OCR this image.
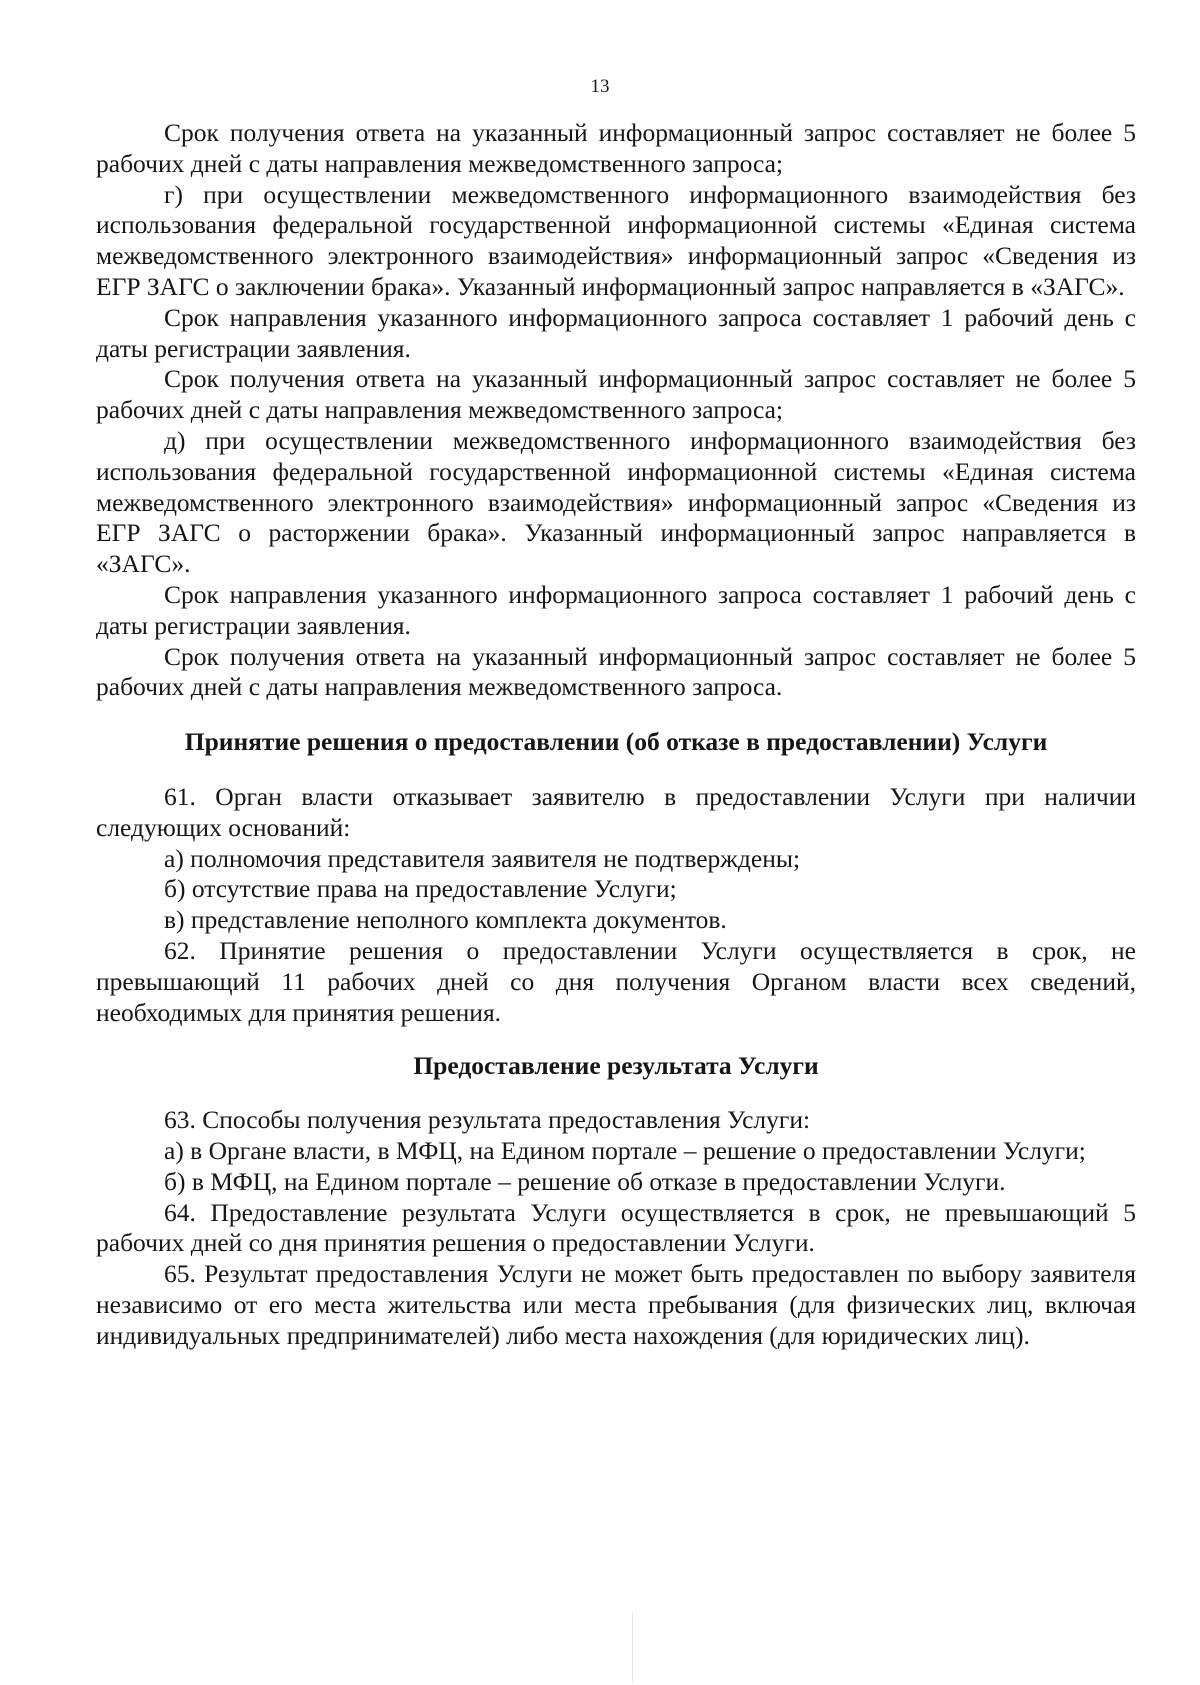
13

Срок получения ответа на указанный информационный запрос составляет не более 5 рабочих дней с даты направления межведомственного запроса;

г) при осуществлении межведомственного информационного взаимодействия без использования федеральной государственной информационной системы «Единая система межведомственного электронного взаимодействия» информационный запрос «Сведения из ЕГР ЗАГС о заключении брака». Указанный информационный запрос направляется в «ЗАГС».

Срок направления указанного информационного запроса составляет 1 рабочий день с даты регистрации заявления.

Срок получения ответа на указанный информационный запрос составляет не более 5 рабочих дней с даты направления межведомственного запроса;

д) при осуществлении межведомственного информационного взаимодействия без использования федеральной государственной информационной системы «Единая система межведомственного электронного взаимодействия» информационный запрос «Сведения из ЕГР ЗАГС о расторжении брака». Указанный информационный запрос направляется в «ЗАГС».

Срок направления указанного информационного запроса составляет 1 рабочий день с даты регистрации заявления.

Срок получения ответа на указанный информационный запрос составляет не более 5 рабочих дней с даты направления межведомственного запроса.

Принятие решения о предоставлении (об отказе в предоставлении) Услуги

61. Орган власти отказывает заявителю в предоставлении Услуги при наличии следующих оснований:

а) полномочия представителя заявителя не подтверждены;

б) отсутствие права на предоставление Услуги;

в) представление неполного комплекта документов.

62. Принятие решения о предоставлении Услуги осуществляется в срок, не превышающий 11 рабочих дней со дня получения Органом власти всех сведений, необходимых для принятия решения.

Предоставление результата Услуги

63. Способы получения результата предоставления Услуги:

а) в Органе власти, в МФЦ, на Едином портале – решение о предоставлении Услуги;

б) в МФЦ, на Едином портале – решение об отказе в предоставлении Услуги.

64. Предоставление результата Услуги осуществляется в срок, не превышающий 5 рабочих дней со дня принятия решения о предоставлении Услуги.

65. Результат предоставления Услуги не может быть предоставлен по выбору заявителя независимо от его места жительства или места пребывания (для физических лиц, включая индивидуальных предпринимателей) либо места нахождения (для юридических лиц).
